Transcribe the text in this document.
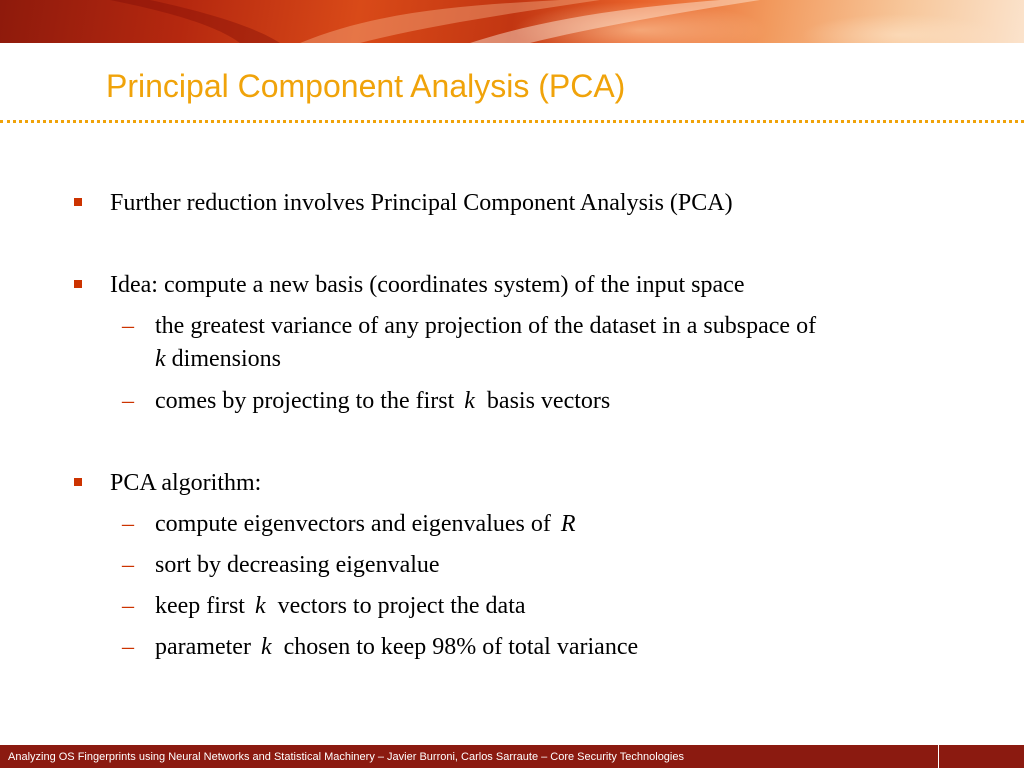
Principal Component Analysis (PCA)
Further reduction involves Principal Component Analysis (PCA)
Idea: compute a new basis (coordinates system) of the input space
– the greatest variance of any projection of the dataset in a subspace of
k dimensions
– comes by projecting to the first k basis vectors
PCA algorithm:
– compute eigenvectors and eigenvalues of R
– sort by decreasing eigenvalue
– keep first k vectors to project the data
– parameter k chosen to keep 98% of total variance
Analyzing OS Fingerprints using Neural Networks and Statistical Machinery – Javier Burroni, Carlos Sarraute – Core Security Technologies
